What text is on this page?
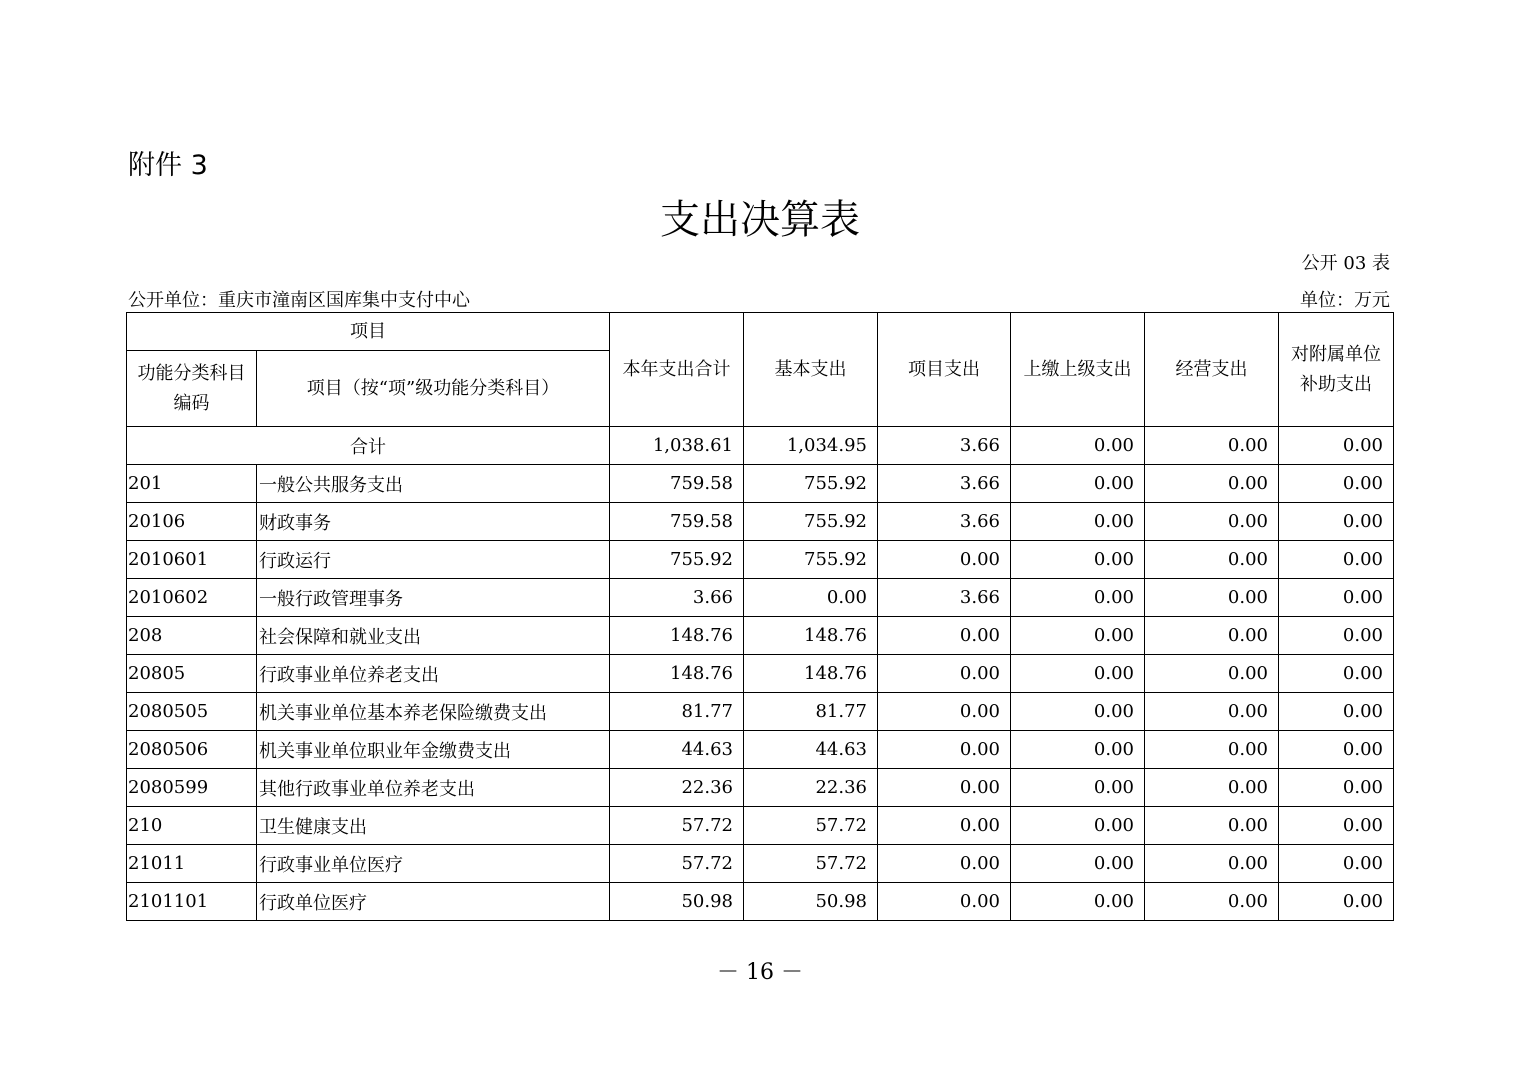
附件 3
支出决算表
公开 03 表
公开单位：重庆市潼南区国库集中支付中心	单位：万元
项目		本年支出合计	基本支出	项目支出	上缴上级支出	经营支出	对附属单位补助支出
功能分类科目编码	项目（按“项”级功能分类科目）						
合计		1,038.61	1,034.95	3.66	0.00	0.00	0.00
201	一般公共服务支出	759.58	755.92	3.66	0.00	0.00	0.00
20106	财政事务	759.58	755.92	3.66	0.00	0.00	0.00
2010601	行政运行	755.92	755.92	0.00	0.00	0.00	0.00
2010602	一般行政管理事务	3.66	0.00	3.66	0.00	0.00	0.00
208	社会保障和就业支出	148.76	148.76	0.00	0.00	0.00	0.00
20805	行政事业单位养老支出	148.76	148.76	0.00	0.00	0.00	0.00
2080505	机关事业单位基本养老保险缴费支出	81.77	81.77	0.00	0.00	0.00	0.00
2080506	机关事业单位职业年金缴费支出	44.63	44.63	0.00	0.00	0.00	0.00
2080599	其他行政事业单位养老支出	22.36	22.36	0.00	0.00	0.00	0.00
210	卫生健康支出	57.72	57.72	0.00	0.00	0.00	0.00
21011	行政事业单位医疗	57.72	57.72	0.00	0.00	0.00	0.00
2101101	行政单位医疗	50.98	50.98	0.00	0.00	0.00	0.00
－ 16 －
